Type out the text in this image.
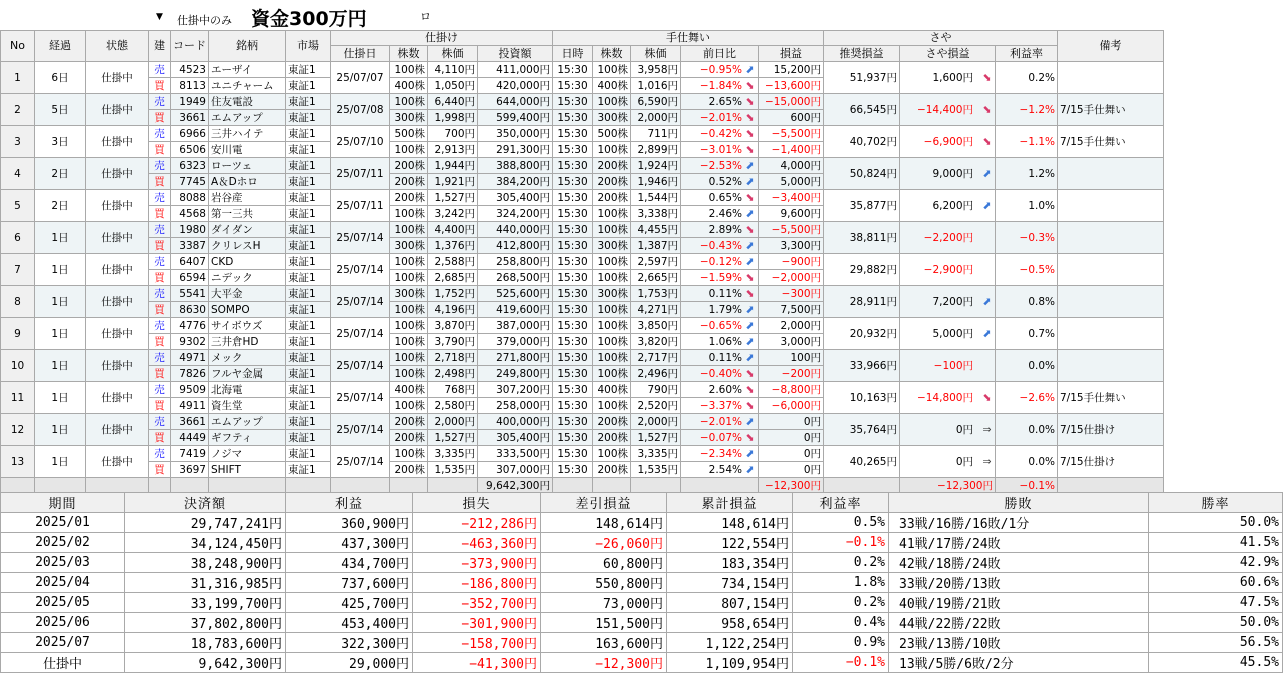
▼ 仕掛中のみ 資金300万円	ロ
No	経過	状態	建	コード	銘柄	市場	仕掛け				手仕舞い					さや			備考
							仕掛日	株数	株価	投資額	日時	株数	株価	前日比	損益	推奨損益	さや損益	利益率	
1	6日	仕掛中	売	4523	エーザイ	東証1	25/07/07	100株	4,110円	411,000円	15:30	100株	3,958円	−0.95% ⬈	15,200円	51,937円	1,600円 ⬊	0.2%	
			買	8113	ユニチャーム	東証1		400株	1,050円	420,000円	15:30	400株	1,016円	−1.84% ⬊	−13,600円				
2	5日	仕掛中	売	1949	住友電設	東証1	25/07/08	100株	6,440円	644,000円	15:30	100株	6,590円	2.65% ⬊	−15,000円	66,545円	−14,400円 ⬊	−1.2%	7/15手仕舞い
			買	3661	エムアップ	東証1		300株	1,998円	599,400円	15:30	300株	2,000円	−2.01% ⬊	600円				
3	3日	仕掛中	売	6966	三井ハイテ	東証1	25/07/10	500株	700円	350,000円	15:30	500株	711円	−0.42% ⬊	−5,500円	40,702円	−6,900円 ⬊	−1.1%	7/15手仕舞い
			買	6506	安川電	東証1		100株	2,913円	291,300円	15:30	100株	2,899円	−3.01% ⬊	−1,400円				
4	2日	仕掛中	売	6323	ローツェ	東証1	25/07/11	200株	1,944円	388,800円	15:30	200株	1,924円	−2.53% ⬈	4,000円	50,824円	9,000円 ⬈	1.2%	
			買	7745	A＆Dホロ	東証1		200株	1,921円	384,200円	15:30	200株	1,946円	0.52% ⬈	5,000円				
5	2日	仕掛中	売	8088	岩谷産	東証1	25/07/11	200株	1,527円	305,400円	15:30	200株	1,544円	0.65% ⬊	−3,400円	35,877円	6,200円 ⬈	1.0%	
			買	4568	第一三共	東証1		100株	3,242円	324,200円	15:30	100株	3,338円	2.46% ⬈	9,600円				
6	1日	仕掛中	売	1980	ダイダン	東証1	25/07/14	100株	4,400円	440,000円	15:30	100株	4,455円	2.89% ⬊	−5,500円	38,811円	−2,200円	−0.3%	
			買	3387	クリレスH	東証1		300株	1,376円	412,800円	15:30	300株	1,387円	−0.43% ⬈	3,300円				
7	1日	仕掛中	売	6407	CKD	東証1	25/07/14	100株	2,588円	258,800円	15:30	100株	2,597円	−0.12% ⬈	−900円	29,882円	−2,900円	−0.5%	
			買	6594	ニデック	東証1		100株	2,685円	268,500円	15:30	100株	2,665円	−1.59% ⬊	−2,000円				
8	1日	仕掛中	売	5541	大平金	東証1	25/07/14	300株	1,752円	525,600円	15:30	300株	1,753円	0.11% ⬊	−300円	28,911円	7,200円 ⬈	0.8%	
			買	8630	SOMPO	東証1		100株	4,196円	419,600円	15:30	100株	4,271円	1.79% ⬈	7,500円				
9	1日	仕掛中	売	4776	サイボウズ	東証1	25/07/14	100株	3,870円	387,000円	15:30	100株	3,850円	−0.65% ⬈	2,000円	20,932円	5,000円 ⬈	0.7%	
			買	9302	三井倉HD	東証1		100株	3,790円	379,000円	15:30	100株	3,820円	1.06% ⬈	3,000円				
10	1日	仕掛中	売	4971	メック	東証1	25/07/14	100株	2,718円	271,800円	15:30	100株	2,717円	0.11% ⬈	100円	33,966円	−100円	0.0%	
			買	7826	フルヤ金属	東証1		100株	2,498円	249,800円	15:30	100株	2,496円	−0.40% ⬊	−200円				
11	1日	仕掛中	売	9509	北海電	東証1	25/07/14	400株	768円	307,200円	15:30	400株	790円	2.60% ⬊	−8,800円	10,163円	−14,800円 ⬊	−2.6%	7/15手仕舞い
			買	4911	資生堂	東証1		100株	2,580円	258,000円	15:30	100株	2,520円	−3.37% ⬊	−6,000円				
12	1日	仕掛中	売	3661	エムアップ	東証1	25/07/14	200株	2,000円	400,000円	15:30	200株	2,000円	−2.01% ⬈	0円	35,764円	0円 ⇒	0.0%	7/15仕掛け
			買	4449	ギフティ	東証1		200株	1,527円	305,400円	15:30	200株	1,527円	−0.07% ⬊	0円				
13	1日	仕掛中	売	7419	ノジマ	東証1	25/07/14	100株	3,335円	333,500円	15:30	100株	3,335円	−2.34% ⬈	0円	40,265円	0円 ⇒	0.0%	7/15仕掛け
			買	3697	SHIFT	東証1		200株	1,535円	307,000円	15:30	200株	1,535円	2.54% ⬈	0円				
										9,642,300円					−12,300円		−12,300円	−0.1%	
期間	決済額	利益	損失	差引損益	累計損益	利益率	勝敗	勝率
2025/01	29,747,241円	360,900円	−212,286円	148,614円	148,614円	0.5%	33戦/16勝/16敗/1分	50.0%
2025/02	34,124,450円	437,300円	−463,360円	−26,060円	122,554円	−0.1%	41戦/17勝/24敗	41.5%
2025/03	38,248,900円	434,700円	−373,900円	60,800円	183,354円	0.2%	42戦/18勝/24敗	42.9%
2025/04	31,316,985円	737,600円	−186,800円	550,800円	734,154円	1.8%	33戦/20勝/13敗	60.6%
2025/05	33,199,700円	425,700円	−352,700円	73,000円	807,154円	0.2%	40戦/19勝/21敗	47.5%
2025/06	37,802,800円	453,400円	−301,900円	151,500円	958,654円	0.4%	44戦/22勝/22敗	50.0%
2025/07	18,783,600円	322,300円	−158,700円	163,600円	1,122,254円	0.9%	23戦/13勝/10敗	56.5%
仕掛中	9,642,300円	29,000円	−41,300円	−12,300円	1,109,954円	−0.1%	13戦/5勝/6敗/2分	45.5%
